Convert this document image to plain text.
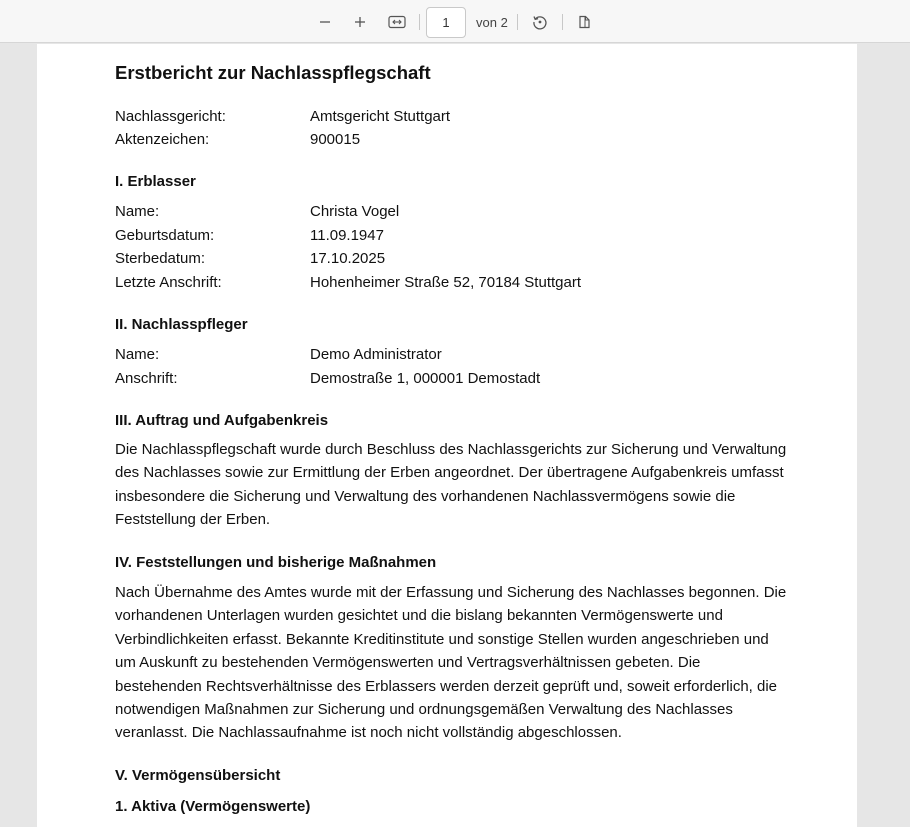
1
von 2
Erstbericht zur Nachlasspflegschaft
Nachlassgericht:	Amtsgericht Stuttgart
Aktenzeichen:	900015
I. Erblasser
Name:	Christa Vogel
Geburtsdatum:	11.09.1947
Sterbedatum:	17.10.2025
Letzte Anschrift:	Hohenheimer Straße 52, 70184 Stuttgart
II. Nachlasspfleger
Name:	Demo Administrator
Anschrift:	Demostraße 1, 000001 Demostadt
III. Auftrag und Aufgabenkreis

Die Nachlasspflegschaft wurde durch Beschluss des Nachlassgerichts zur Sicherung und Verwaltung des Nachlasses sowie zur Ermittlung der Erben angeordnet. Der übertragene Aufgabenkreis umfasst insbesondere die Sicherung und Verwaltung des vorhandenen Nachlassvermögens sowie die Feststellung der Erben.

IV. Feststellungen und bisherige Maßnahmen

Nach Übernahme des Amtes wurde mit der Erfassung und Sicherung des Nachlasses begonnen. Die vorhandenen Unterlagen wurden gesichtet und die bislang bekannten Vermögenswerte und Verbindlichkeiten erfasst. Bekannte Kreditinstitute und sonstige Stellen wurden angeschrieben und um Auskunft zu bestehenden Vermögenswerten und Vertragsverhältnissen gebeten. Die bestehenden Rechtsverhältnisse des Erblassers werden derzeit geprüft und, soweit erforderlich, die notwendigen Maßnahmen zur Sicherung und ordnungsgemäßen Verwaltung des Nachlasses veranlasst. Die Nachlassaufnahme ist noch nicht vollständig abgeschlossen.

V. Vermögensübersicht
1. Aktiva (Vermögenswerte)
